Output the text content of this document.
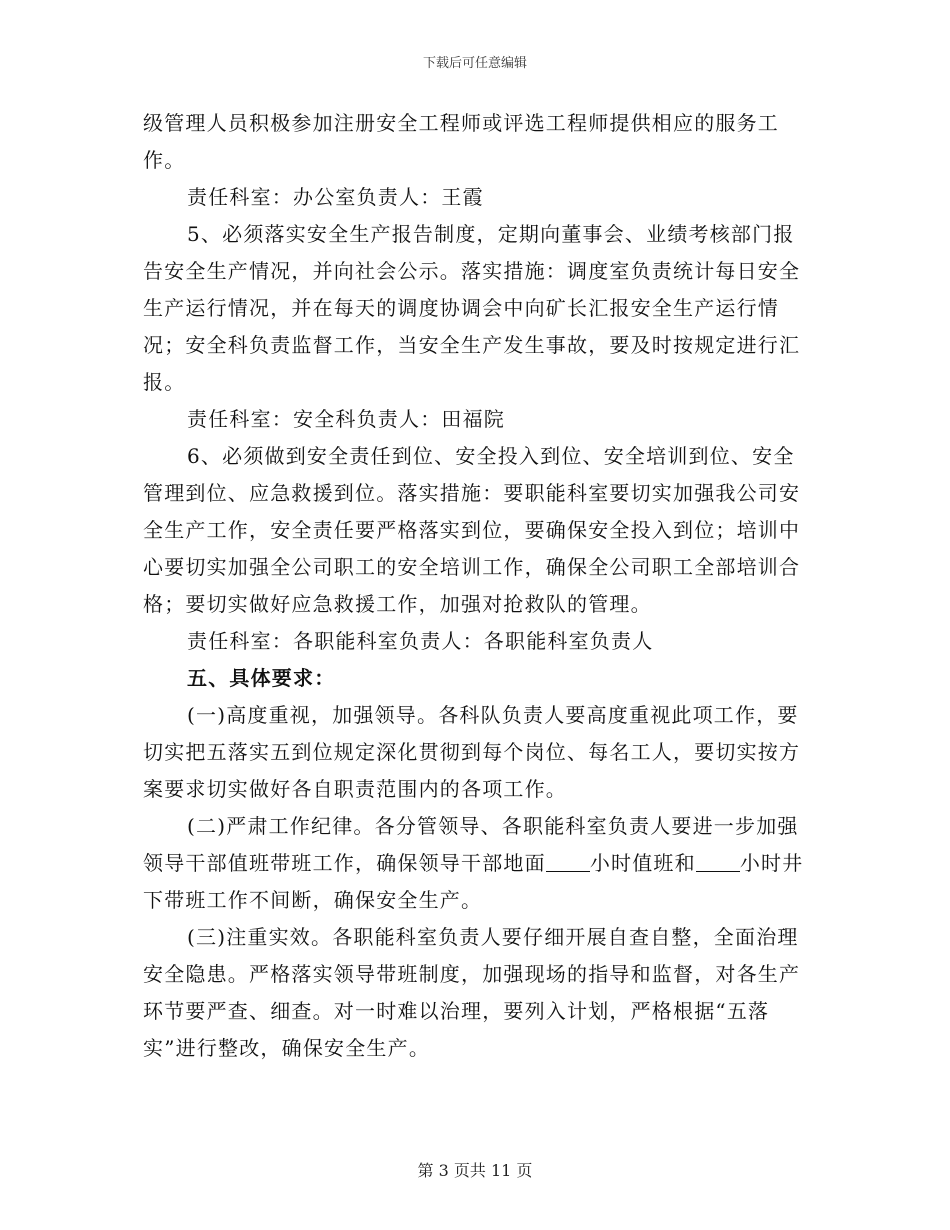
下载后可任意编辑

级管理人员积极参加注册安全工程师或评选工程师提供相应的服务工作。

责任科室：办公室负责人：王霞

5、必须落实安全生产报告制度，定期向董事会、业绩考核部门报告安全生产情况，并向社会公示。落实措施：调度室负责统计每日安全生产运行情况，并在每天的调度协调会中向矿长汇报安全生产运行情况；安全科负责监督工作，当安全生产发生事故，要及时按规定进行汇报。

责任科室：安全科负责人：田福院

6、必须做到安全责任到位、安全投入到位、安全培训到位、安全管理到位、应急救援到位。落实措施：要职能科室要切实加强我公司安全生产工作，安全责任要严格落实到位，要确保安全投入到位；培训中心要切实加强全公司职工的安全培训工作，确保全公司职工全部培训合格；要切实做好应急救援工作，加强对抢救队的管理。

责任科室：各职能科室负责人：各职能科室负责人

五、具体要求：

(一)高度重视，加强领导。各科队负责人要高度重视此项工作，要切实把五落实五到位规定深化贯彻到每个岗位、每名工人，要切实按方案要求切实做好各自职责范围内的各项工作。

(二)严肃工作纪律。各分管领导、各职能科室负责人要进一步加强领导干部值班带班工作，确保领导干部地面 小时值班和 小时井下带班工作不间断，确保安全生产。

(三)注重实效。各职能科室负责人要仔细开展自查自整，全面治理安全隐患。严格落实领导带班制度，加强现场的指导和监督，对各生产环节要严查、细查。对一时难以治理，要列入计划，严格根据“五落实”进行整改，确保安全生产。

第 3 页共 11 页
